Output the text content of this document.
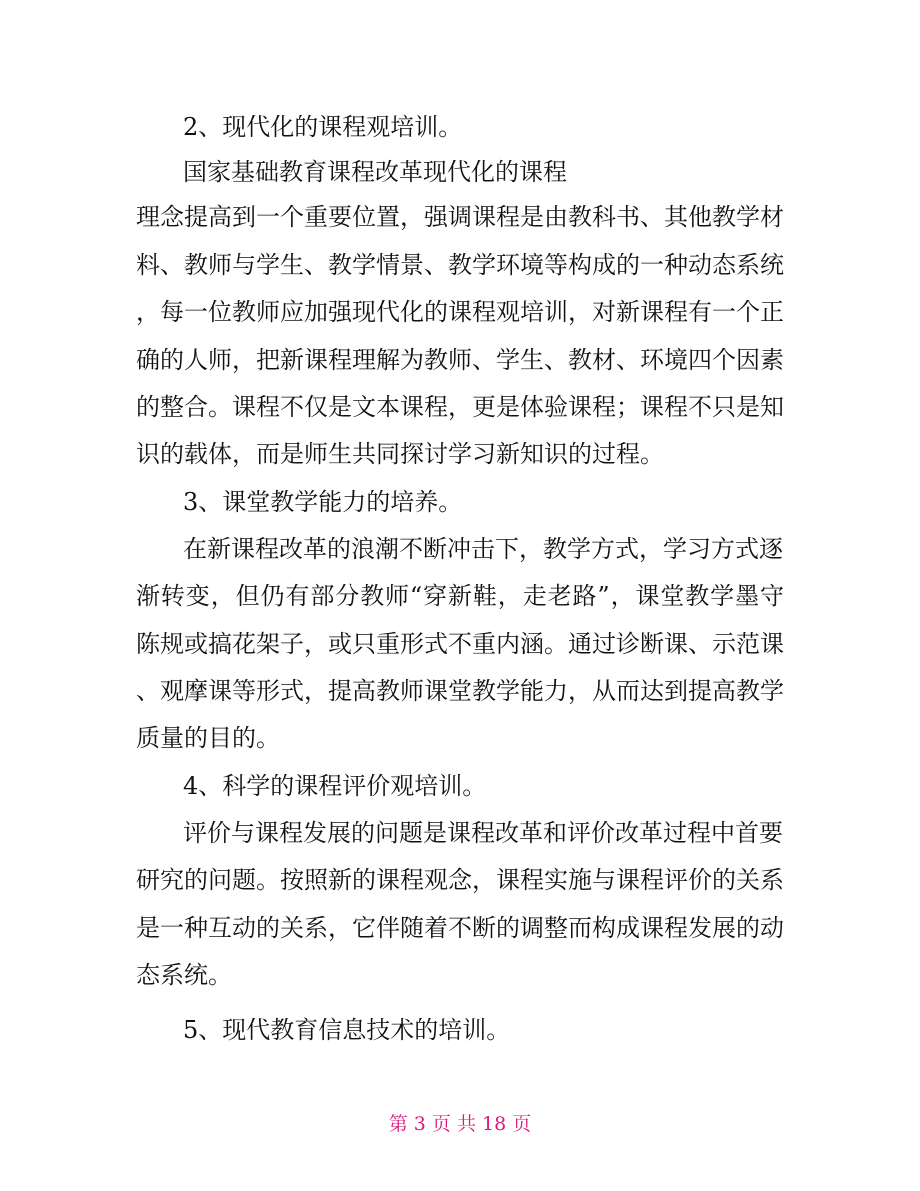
2、现代化的课程观培训。
国家基础教育课程改革现代化的课程
理念提高到一个重要位置，强调课程是由教科书、其他教学材
料、教师与学生、教学情景、教学环境等构成的一种动态系统
，每一位教师应加强现代化的课程观培训，对新课程有一个正
确的人师，把新课程理解为教师、学生、教材、环境四个因素
的整合。课程不仅是文本课程，更是体验课程；课程不只是知
识的载体，而是师生共同探讨学习新知识的过程。
3、课堂教学能力的培养。
在新课程改革的浪潮不断冲击下，教学方式，学习方式逐
渐转变，但仍有部分教师“穿新鞋，走老路”，课堂教学墨守
陈规或搞花架子，或只重形式不重内涵。通过诊断课、示范课
、观摩课等形式，提高教师课堂教学能力，从而达到提高教学
质量的目的。
4、科学的课程评价观培训。
评价与课程发展的问题是课程改革和评价改革过程中首要
研究的问题。按照新的课程观念，课程实施与课程评价的关系
是一种互动的关系，它伴随着不断的调整而构成课程发展的动
态系统。
5、现代教育信息技术的培训。
第 3 页 共 18 页
